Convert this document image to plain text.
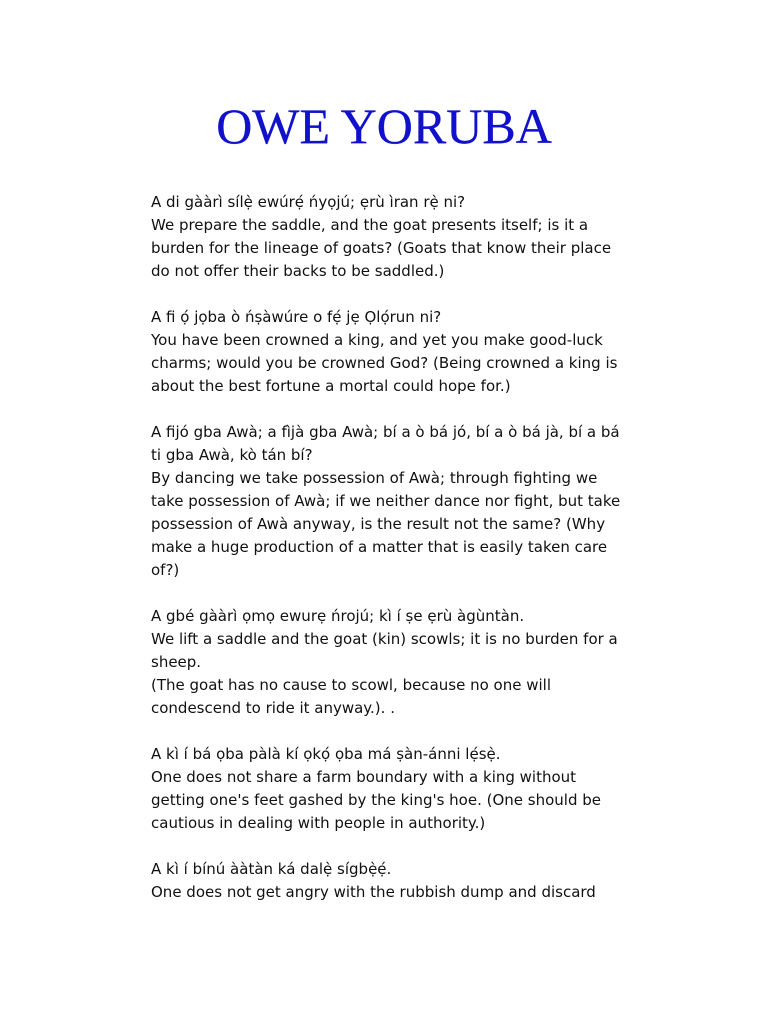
OWE YORUBA

A di gààrì sílẹ̀ ewúrẹ́ ńyọjú; ẹrù ìran rẹ̀ ni?

We prepare the saddle, and the goat presents itself; is it a burden for the lineage of goats? (Goats that know their place do not offer their backs to be saddled.)

A fi ọ́ jọba ò ńṣàwúre o fẹ́ jẹ Ọlọ́run ni?

You have been crowned a king, and yet you make good-luck charms; would you be crowned God? (Being crowned a king is about the best fortune a mortal could hope for.)

A fijó gba Awà; a fìjà gba Awà; bí a ò bá jó, bí a ò bá jà, bí a bá ti gba Awà, kò tán bí?

By dancing we take possession of Awà; through fighting we take possession of Awà; if we neither dance nor fight, but take possession of Awà anyway, is the result not the same? (Why make a huge production of a matter that is easily taken care of?)

A gbé gààrì ọmọ ewurẹ ńrojú; kì í ṣe ẹrù àgùntàn.

We lift a saddle and the goat (kin) scowls; it is no burden for a sheep.

(The goat has no cause to scowl, because no one will condescend to ride it anyway.). .

A kì í bá ọba pàlà kí ọkọ́ ọba má ṣàn-ánni lẹ́sẹ̀.

One does not share a farm boundary with a king without getting one's feet gashed by the king's hoe. (One should be cautious in dealing with people in authority.)

A kì í bínú ààtàn ká dalẹ̀ sígbẹ̀ẹ́.

One does not get angry with the rubbish dump and discard
